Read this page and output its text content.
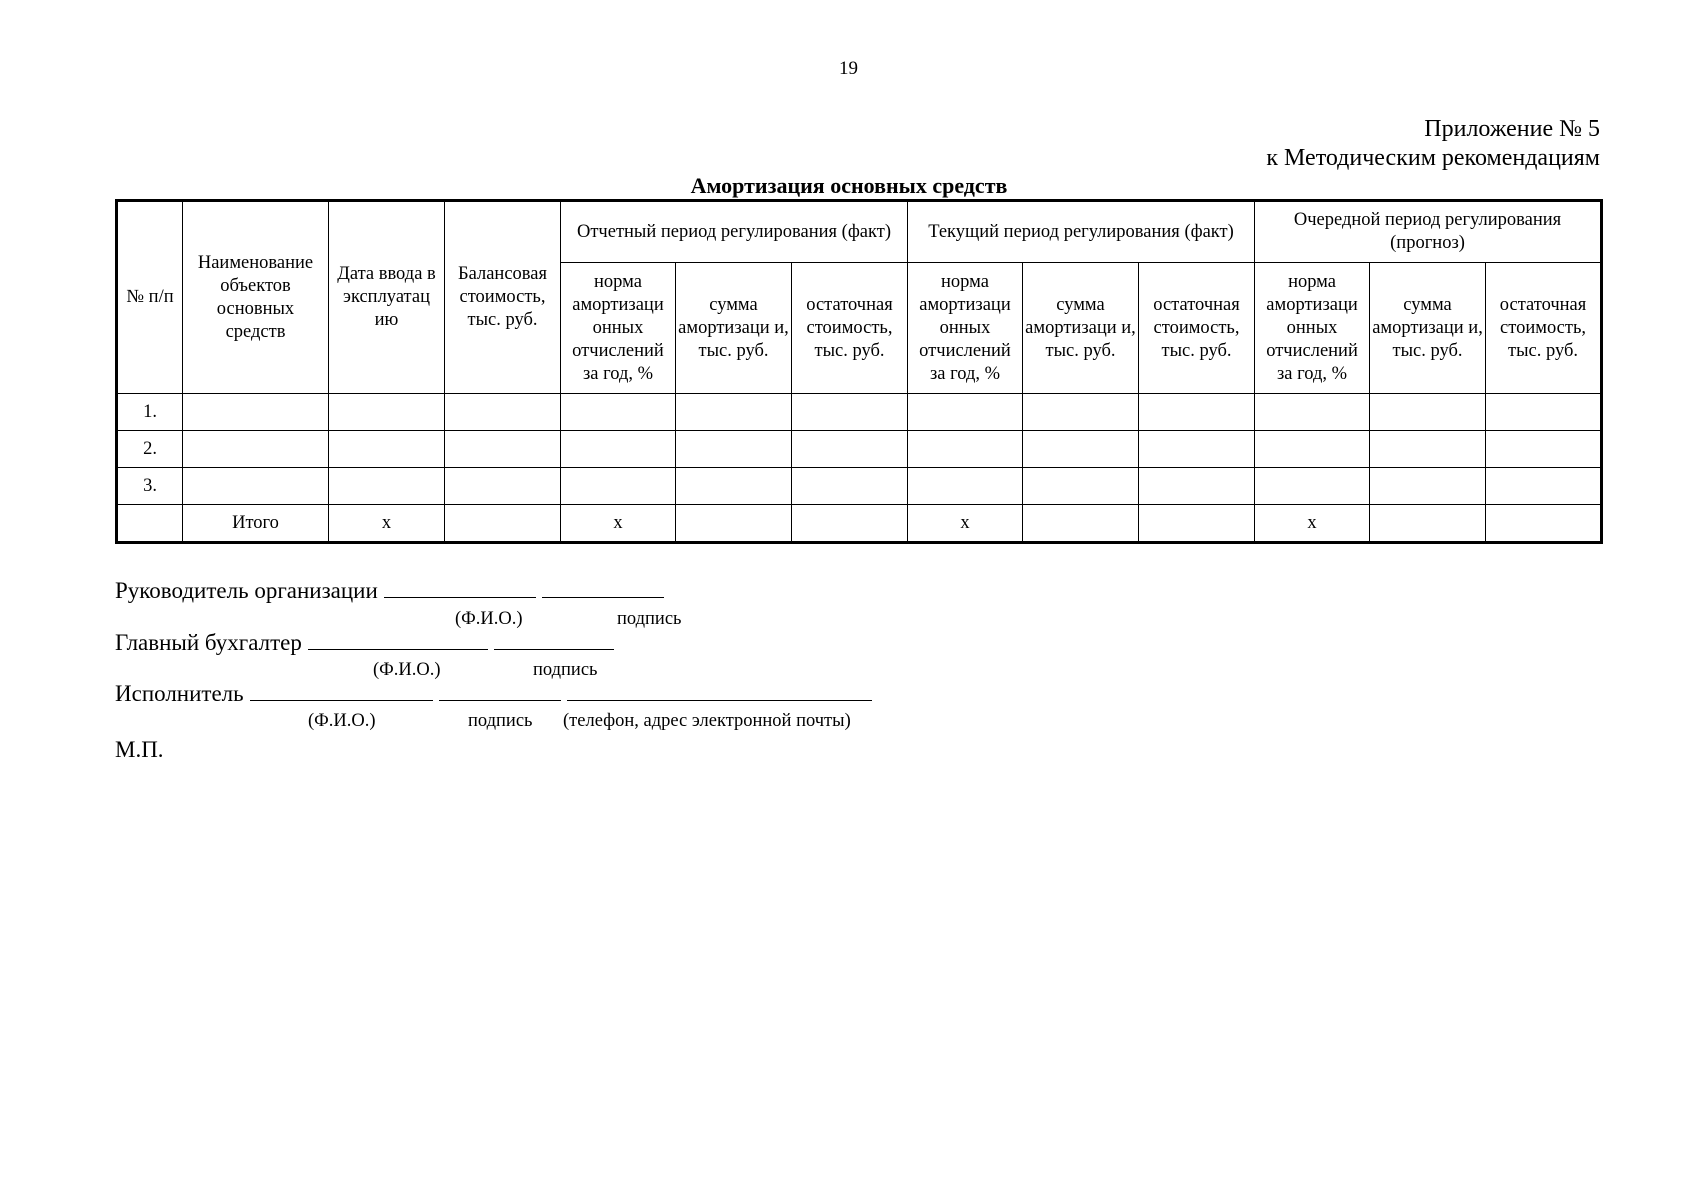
19
Приложение № 5
к Методическим рекомендациям
Амортизация основных средств
№ п/п	Наименование объектов основных средств	Дата ввода в эксплуатац ию	Балансовая стоимость, тыс. руб.	Отчетный период регулирования (факт)			Текущий период регулирования (факт)			Очередной период регулирования (прогноз)		
				норма амортизаци онных отчислений за год, %	сумма амортизаци и, тыс. руб.	остаточная стоимость, тыс. руб.	норма амортизаци онных отчислений за год, %	сумма амортизаци и, тыс. руб.	остаточная стоимость, тыс. руб.	норма амортизаци онных отчислений за год, %	сумма амортизаци и, тыс. руб.	остаточная стоимость, тыс. руб.
1.												
2.												
3.												
	Итого	x		x			x			x		
Руководитель организации
(Ф.И.О.)	подпись
Главный бухгалтер
(Ф.И.О.)	подпись
Исполнитель
(Ф.И.О.)	подпись (телефон, адрес электронной почты)
М.П.
